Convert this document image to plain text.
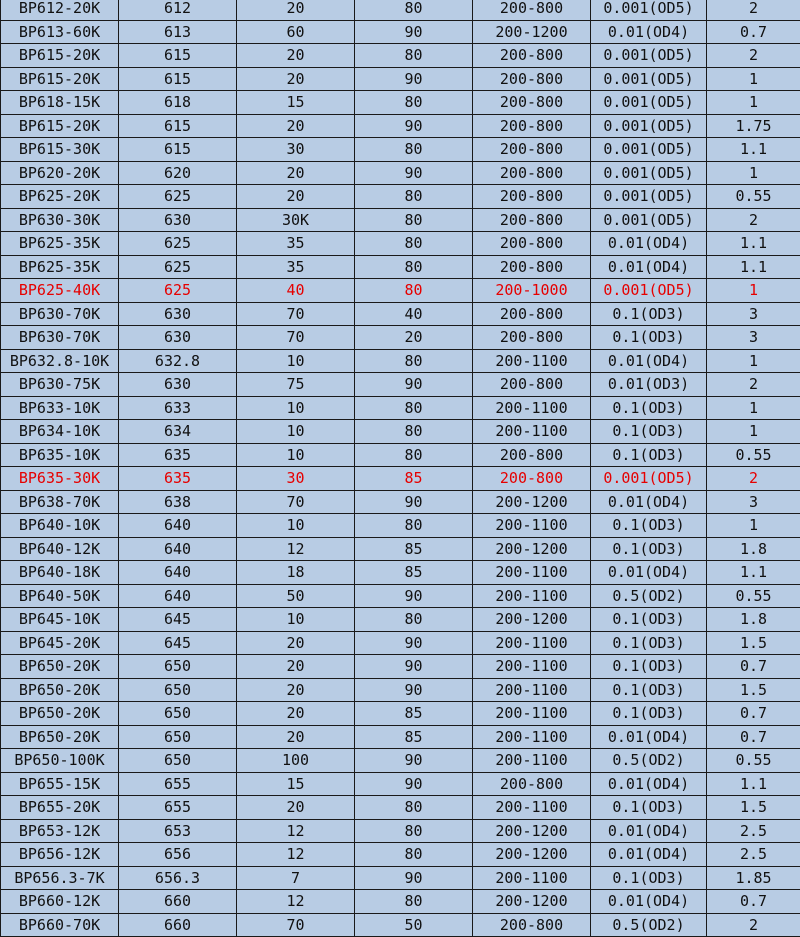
BP612-20K	612	20	80	200-800	0.001(OD5)	2
BP613-60K	613	60	90	200-1200	0.01(OD4)	0.7
BP615-20K	615	20	80	200-800	0.001(OD5)	2
BP615-20K	615	20	90	200-800	0.001(OD5)	1
BP618-15K	618	15	80	200-800	0.001(OD5)	1
BP615-20K	615	20	90	200-800	0.001(OD5)	1.75
BP615-30K	615	30	80	200-800	0.001(OD5)	1.1
BP620-20K	620	20	90	200-800	0.001(OD5)	1
BP625-20K	625	20	80	200-800	0.001(OD5)	0.55
BP630-30K	630	30K	80	200-800	0.001(OD5)	2
BP625-35K	625	35	80	200-800	0.01(OD4)	1.1
BP625-35K	625	35	80	200-800	0.01(OD4)	1.1
BP625-40K	625	40	80	200-1000	0.001(OD5)	1
BP630-70K	630	70	40	200-800	0.1(OD3)	3
BP630-70K	630	70	20	200-800	0.1(OD3)	3
BP632.8-10K	632.8	10	80	200-1100	0.01(OD4)	1
BP630-75K	630	75	90	200-800	0.01(OD3)	2
BP633-10K	633	10	80	200-1100	0.1(OD3)	1
BP634-10K	634	10	80	200-1100	0.1(OD3)	1
BP635-10K	635	10	80	200-800	0.1(OD3)	0.55
BP635-30K	635	30	85	200-800	0.001(OD5)	2
BP638-70K	638	70	90	200-1200	0.01(OD4)	3
BP640-10K	640	10	80	200-1100	0.1(OD3)	1
BP640-12K	640	12	85	200-1200	0.1(OD3)	1.8
BP640-18K	640	18	85	200-1100	0.01(OD4)	1.1
BP640-50K	640	50	90	200-1100	0.5(OD2)	0.55
BP645-10K	645	10	80	200-1200	0.1(OD3)	1.8
BP645-20K	645	20	90	200-1100	0.1(OD3)	1.5
BP650-20K	650	20	90	200-1100	0.1(OD3)	0.7
BP650-20K	650	20	90	200-1100	0.1(OD3)	1.5
BP650-20K	650	20	85	200-1100	0.1(OD3)	0.7
BP650-20K	650	20	85	200-1100	0.01(OD4)	0.7
BP650-100K	650	100	90	200-1100	0.5(OD2)	0.55
BP655-15K	655	15	90	200-800	0.01(OD4)	1.1
BP655-20K	655	20	80	200-1100	0.1(OD3)	1.5
BP653-12K	653	12	80	200-1200	0.01(OD4)	2.5
BP656-12K	656	12	80	200-1200	0.01(OD4)	2.5
BP656.3-7K	656.3	7	90	200-1100	0.1(OD3)	1.85
BP660-12K	660	12	80	200-1200	0.01(OD4)	0.7
BP660-70K	660	70	50	200-800	0.5(OD2)	2
